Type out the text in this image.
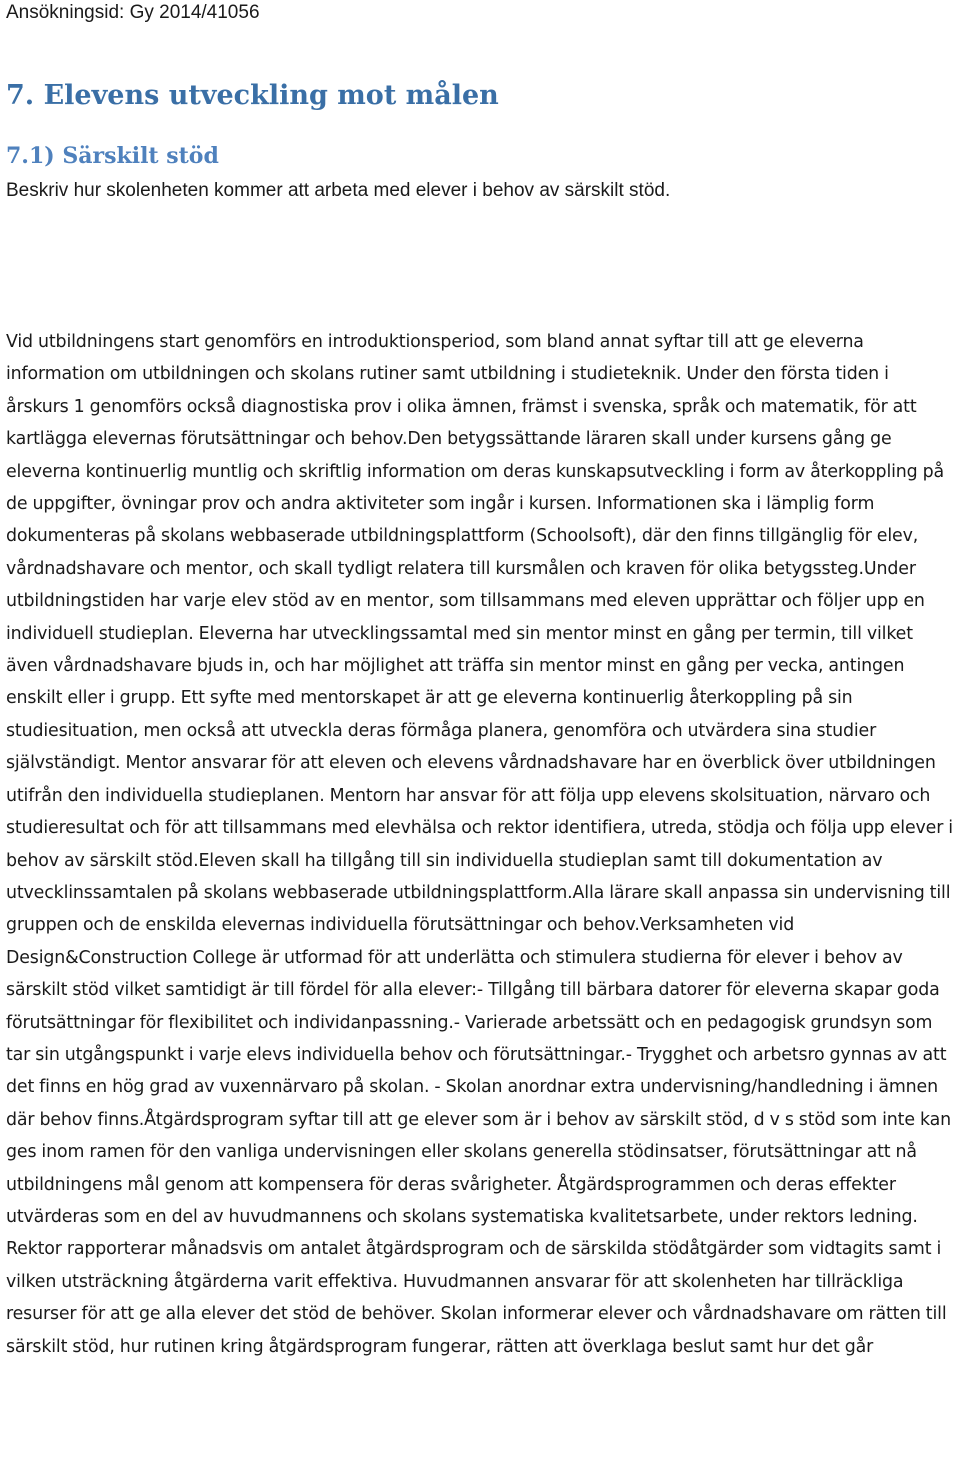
Ansökningsid: Gy 2014/41056
7. Elevens utveckling mot målen
7.1) Särskilt stöd
Beskriv hur skolenheten kommer att arbeta med elever i behov av särskilt stöd.

Vid utbildningens start genomförs en introduktionsperiod, som bland annat syftar till att ge eleverna information om utbildningen och skolans rutiner samt utbildning i studieteknik. Under den första tiden i årskurs 1 genomförs också diagnostiska prov i olika ämnen, främst i svenska, språk och matematik, för att kartlägga elevernas förutsättningar och behov.Den betygssättande läraren skall under kursens gång ge eleverna kontinuerlig muntlig och skriftlig information om deras kunskapsutveckling i form av återkoppling på de uppgifter, övningar prov och andra aktiviteter som ingår i kursen. Informationen ska i lämplig form dokumenteras på skolans webbaserade utbildningsplattform (Schoolsoft), där den finns tillgänglig för elev, vårdnadshavare och mentor, och skall tydligt relatera till kursmålen och kraven för olika betygssteg.Under utbildningstiden har varje elev stöd av en mentor, som tillsammans med eleven upprättar och följer upp en individuell studieplan. Eleverna har utvecklingssamtal med sin mentor minst en gång per termin, till vilket även vårdnadshavare bjuds in, och har möjlighet att träffa sin mentor minst en gång per vecka, antingen enskilt eller i grupp. Ett syfte med mentorskapet är att ge eleverna kontinuerlig återkoppling på sin studiesituation, men också att utveckla deras förmåga planera, genomföra och utvärdera sina studier självständigt. Mentor ansvarar för att eleven och elevens vårdnadshavare har en överblick över utbildningen utifrån den individuella studieplanen. Mentorn har ansvar för att följa upp elevens skolsituation, närvaro och studieresultat och för att tillsammans med elevhälsa och rektor identifiera, utreda, stödja och följa upp elever i behov av särskilt stöd.Eleven skall ha tillgång till sin individuella studieplan samt till dokumentation av utvecklinssamtalen på skolans webbaserade utbildningsplattform.Alla lärare skall anpassa sin undervisning till gruppen och de enskilda elevernas individuella förutsättningar och behov.Verksamheten vid Design&Construction College är utformad för att underlätta och stimulera studierna för elever i behov av särskilt stöd vilket samtidigt är till fördel för alla elever:- Tillgång till bärbara datorer för eleverna skapar goda förutsättningar för flexibilitet och individanpassning.- Varierade arbetssätt och en pedagogisk grundsyn som tar sin utgångspunkt i varje elevs individuella behov och förutsättningar.- Trygghet och arbetsro gynnas av att det finns en hög grad av vuxennärvaro på skolan. - Skolan anordnar extra undervisning/handledning i ämnen där behov finns.Åtgärdsprogram syftar till att ge elever som är i behov av särskilt stöd, d v s stöd som inte kan ges inom ramen för den vanliga undervisningen eller skolans generella stödinsatser, förutsättningar att nå utbildningens mål genom att kompensera för deras svårigheter. Åtgärdsprogrammen och deras effekter utvärderas som en del av huvudmannens och skolans systematiska kvalitetsarbete, under rektors ledning. Rektor rapporterar månadsvis om antalet åtgärdsprogram och de särskilda stödåtgärder som vidtagits samt i vilken utsträckning åtgärderna varit effektiva. Huvudmannen ansvarar för att skolenheten har tillräckliga resurser för att ge alla elever det stöd de behöver. Skolan informerar elever och vårdnadshavare om rätten till särskilt stöd, hur rutinen kring åtgärdsprogram fungerar, rätten att överklaga beslut samt hur det går
